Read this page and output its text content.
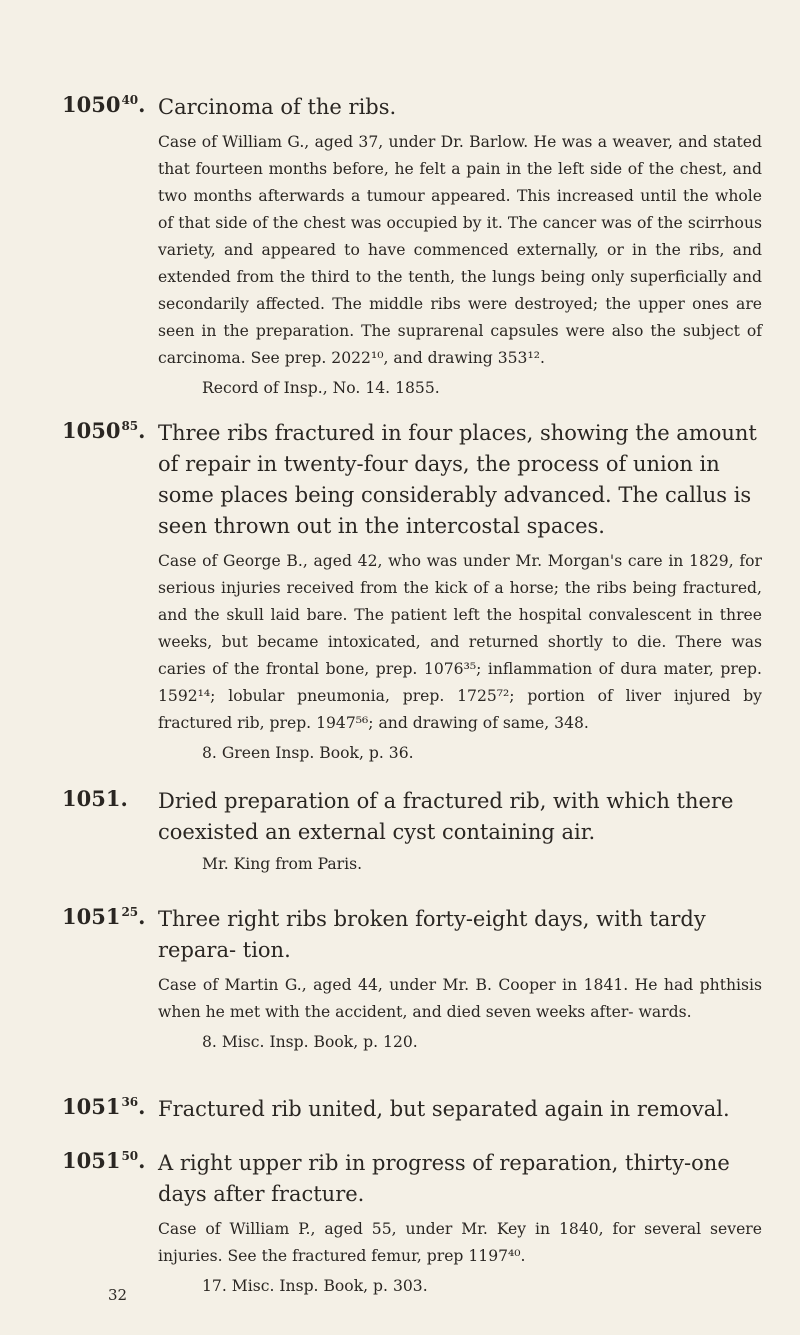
1050$^{40}$. Carcinoma of the ribs.
Case of William G., aged 37, under Dr. Barlow. He was a weaver, and stated that fourteen months before, he felt a pain in the left side of the chest, and two months afterwards a tumour appeared. This increased until the whole of that side of the chest was occupied by it. The cancer was of the scirrhous variety, and appeared to have commenced externally, or in the ribs, and extended from the third to the tenth, the lungs being only superficially and secondarily affected. The middle ribs were destroyed; the upper ones are seen in the preparation. The suprarenal capsules were also the subject of carcinoma. See prep. 2022¹⁰, and drawing 353¹².
Record of Insp., No. 14. 1855.
1050$^{85}$. Three ribs fractured in four places, showing the amount of repair in twenty-four days, the process of union in some places being considerably advanced. The callus is seen thrown out in the intercostal spaces.
Case of George B., aged 42, who was under Mr. Morgan's care in 1829, for serious injuries received from the kick of a horse; the ribs being fractured, and the skull laid bare. The patient left the hospital convalescent in three weeks, but became intoxicated, and returned shortly to die. There was caries of the frontal bone, prep. 1076³⁵; inflammation of dura mater, prep. 1592¹⁴; lobular pneumonia, prep. 1725⁷²; portion of liver injured by fractured rib, prep. 1947⁵⁶; and drawing of same, 348.
8. Green Insp. Book, p. 36.
1051. Dried preparation of a fractured rib, with which there coexisted an external cyst containing air.
Mr. King from Paris.
1051$^{25}$. Three right ribs broken forty-eight days, with tardy repara- tion.
Case of Martin G., aged 44, under Mr. B. Cooper in 1841. He had phthisis when he met with the accident, and died seven weeks after- wards.
8. Misc. Insp. Book, p. 120.
1051$^{36}$. Fractured rib united, but separated again in removal.
1051$^{50}$. A right upper rib in progress of reparation, thirty-one days after fracture.
Case of William P., aged 55, under Mr. Key in 1840, for several severe injuries. See the fractured femur, prep 1197⁴⁰.
17. Misc. Insp. Book, p. 303.
32
